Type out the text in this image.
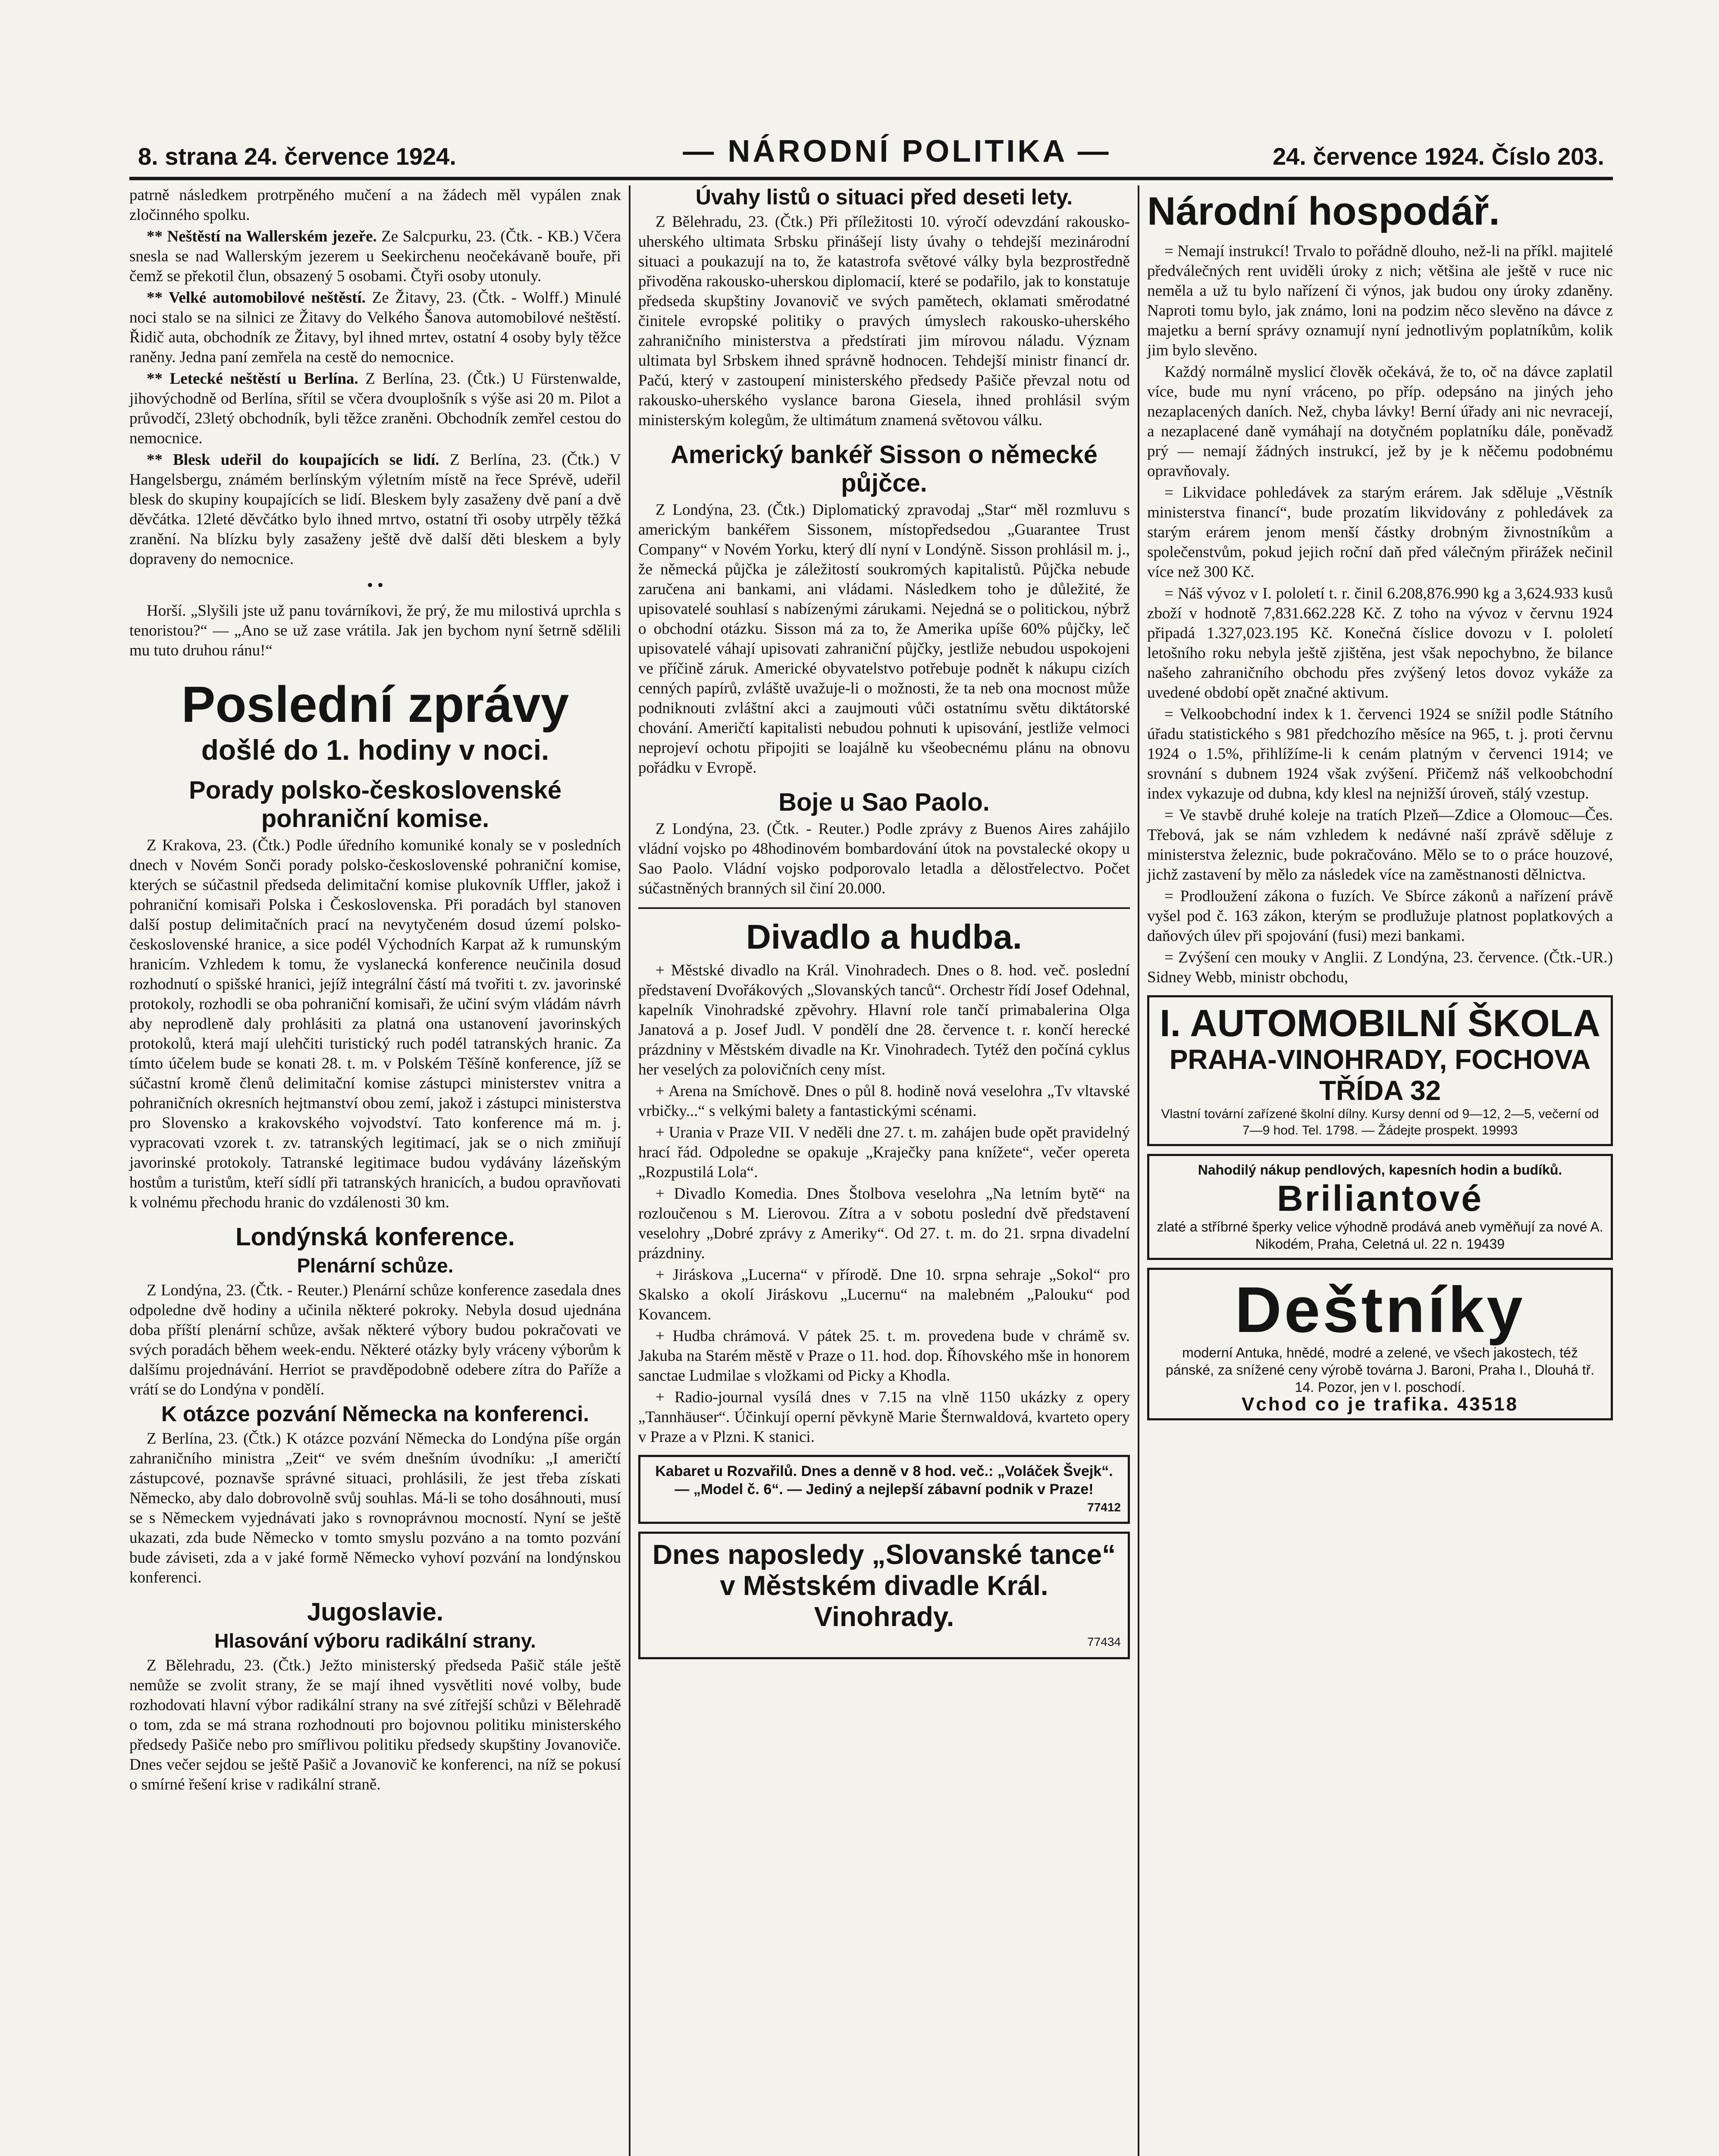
8. strana 24. července 1924.	— NÁRODNÍ POLITIKA —	24. července 1924. Číslo 203.

patrně následkem protrpěného mučení a na žádech měl vypálen znak zločinného spolku.

** Neštěstí na Wallerském jezeře. Ze Salcpurku, 23. (Čtk. - KB.) Včera snesla se nad Wallerským jezerem u Seekirchenu neočekávaně bouře, při čemž se překotil člun, obsazený 5 osobami. Čtyři osoby utonuly.

** Velké automobilové neštěstí. Ze Žitavy, 23. (Čtk. - Wolff.) Minulé noci stalo se na silnici ze Žitavy do Velkého Šanova automobilové neštěstí. Řidič auta, obchodník ze Žitavy, byl ihned mrtev, ostatní 4 osoby byly těžce raněny. Jedna paní zemřela na cestě do nemocnice.

** Letecké neštěstí u Berlína. Z Berlína, 23. (Čtk.) U Fürstenwalde, jihovýchodně od Berlína, sřítil se včera dvouplošník s výše asi 20 m. Pilot a průvodčí, 23letý obchodník, byli těžce zraněni. Obchodník zemřel cestou do nemocnice.

** Blesk udeřil do koupajících se lidí. Z Berlína, 23. (Čtk.) V Hangelsbergu, známém berlínským výletním místě na řece Sprévě, udeřil blesk do skupiny koupajících se lidí. Bleskem byly zasaženy dvě paní a dvě děvčátka. 12leté děvčátko bylo ihned mrtvo, ostatní tři osoby utrpěly těžká zranění. Na blízku byly zasaženy ještě dvě další děti bleskem a byly dopraveny do nemocnice.

• •

Horší. „Slyšili jste už panu továrníkovi, že prý, že mu milostivá uprchla s tenoristou?“ — „Ano se už zase vrátila. Jak jen bychom nyní šetrně sdělili mu tuto druhou ránu!“

Poslední zprávy
došlé do 1. hodiny v noci.
Porady polsko-československé pohraniční komise.

Z Krakova, 23. (Čtk.) Podle úředního komuniké konaly se v posledních dnech v Novém Sonči porady polsko-československé pohraniční komise, kterých se súčastnil předseda delimitační komise plukovník Uffler, jakož i pohraniční komisaři Polska i Československa. Při poradách byl stanoven další postup delimitačních prací na nevytyčeném dosud území polsko-československé hranice, a sice podél Východních Karpat až k rumunským hranicím. Vzhledem k tomu, že vyslanecká konference neučinila dosud rozhodnutí o spišské hranici, jejíž integrální částí má tvořiti t. zv. javorinské protokoly, rozhodli se oba pohraniční komisaři, že učiní svým vládám návrh aby neprodleně daly prohlásiti za platná ona ustanovení javorinských protokolů, která mají ulehčiti turistický ruch podél tatranských hranic. Za tímto účelem bude se konati 28. t. m. v Polském Těšíně konference, jíž se súčastní kromě členů delimitační komise zástupci ministerstev vnitra a pohraničních okresních hejtmanství obou zemí, jakož i zástupci ministerstva pro Slovensko a krakovského vojvodství. Tato konference má m. j. vypracovati vzorek t. zv. tatranských legitimací, jak se o nich zmiňují javorinské protokoly. Tatranské legitimace budou vydávány lázeňským hostům a turistům, kteří sídlí při tatranských hranicích, a budou opravňovati k volnému přechodu hranic do vzdálenosti 30 km.

Londýnská konference.
Plenární schůze.

Z Londýna, 23. (Čtk. - Reuter.) Plenární schůze konference zasedala dnes odpoledne dvě hodiny a učinila některé pokroky. Nebyla dosud ujednána doba příští plenární schůze, avšak některé výbory budou pokračovati ve svých poradách během week-endu. Některé otázky byly vráceny výborům k dalšímu projednávání. Herriot se pravděpodobně odebere zítra do Paříže a vrátí se do Londýna v pondělí.

K otázce pozvání Německa na konferenci.

Z Berlína, 23. (Čtk.) K otázce pozvání Německa do Londýna píše orgán zahraničního ministra „Zeit“ ve svém dnešním úvodníku: „I američtí zástupcové, poznavše správné situaci, prohlásili, že jest třeba získati Německo, aby dalo dobrovolně svůj souhlas. Má-li se toho dosáhnouti, musí se s Německem vyjednávati jako s rovnoprávnou mocností. Nyní se ještě ukazati, zda bude Německo v tomto smyslu pozváno a na tomto pozvání bude záviseti, zda a v jaké formě Německo vyhoví pozvání na londýnskou konferenci.

Jugoslavie.
Hlasování výboru radikální strany.

Z Bělehradu, 23. (Čtk.) Ježto ministerský předseda Pašič stále ještě nemůže se zvolit strany, že se mají ihned vysvětliti nové volby, bude rozhodovati hlavní výbor radikální strany na své zítřejší schůzi v Bělehradě o tom, zda se má strana rozhodnouti pro bojovnou politiku ministerského předsedy Pašiče nebo pro smířlivou politiku předsedy skupštiny Jovanoviče. Dnes večer sejdou se ještě Pašič a Jovanovič ke konferenci, na níž se pokusí o smírné řešení krise v radikální straně.

Úvahy listů o situaci před deseti lety.

Z Bělehradu, 23. (Čtk.) Při příležitosti 10. výročí odevzdání rakousko-uherského ultimata Srbsku přinášejí listy úvahy o tehdejší mezinárodní situaci a poukazují na to, že katastrofa světové války byla bezprostředně přivoděna rakousko-uherskou diplomacií, které se podařilo, jak to konstatuje předseda skupštiny Jovanovič ve svých pamětech, oklamati směrodatné činitele evropské politiky o pravých úmyslech rakousko-uherského zahraničního ministerstva a předstírati jim mírovou náladu. Význam ultimata byl Srbskem ihned správně hodnocen. Tehdejší ministr financí dr. Pačú, který v zastoupení ministerského předsedy Pašiče převzal notu od rakousko-uherského vyslance barona Giesela, ihned prohlásil svým ministerským kolegům, že ultimátum znamená světovou válku.

Americký bankéř Sisson o německé půjčce.

Z Londýna, 23. (Čtk.) Diplomatický zpravodaj „Star“ měl rozmluvu s americkým bankéřem Sissonem, místopředsedou „Guarantee Trust Company“ v Novém Yorku, který dlí nyní v Londýně. Sisson prohlásil m. j., že německá půjčka je záležitostí soukromých kapitalistů. Půjčka nebude zaručena ani bankami, ani vládami. Následkem toho je důležité, že upisovatelé souhlasí s nabízenými zárukami. Nejedná se o politickou, nýbrž o obchodní otázku. Sisson má za to, že Amerika upíše 60% půjčky, leč upisovatelé váhají upisovati zahraniční půjčky, jestliže nebudou uspokojeni ve příčině záruk. Americké obyvatelstvo potřebuje podnět k nákupu cizích cenných papírů, zvláště uvažuje-li o možnosti, že ta neb ona mocnost může podniknouti zvláštní akci a zaujmouti vůči ostatnímu světu diktátorské chování. Američtí kapitalisti nebudou pohnuti k upisování, jestliže velmoci neprojeví ochotu připojiti se loajálně ku všeobecnému plánu na obnovu pořádku v Evropě.

Boje u Sao Paolo.

Z Londýna, 23. (Čtk. - Reuter.) Podle zprávy z Buenos Aires zahájilo vládní vojsko po 48hodinovém bombardování útok na povstalecké okopy u Sao Paolo. Vládní vojsko podporovalo letadla a dělostřelectvo. Počet súčastněných branných sil činí 20.000.

Divadlo a hudba.

+ Městské divadlo na Král. Vinohradech. Dnes o 8. hod. več. poslední představení Dvořákových „Slovanských tanců“. Orchestr řídí Josef Odehnal, kapelník Vinohradské zpěvohry. Hlavní role tančí primabalerina Olga Janatová a p. Josef Judl. V pondělí dne 28. července t. r. končí herecké prázdniny v Městském divadle na Kr. Vinohradech. Tytéž den počíná cyklus her veselých za polovičních ceny míst.

+ Arena na Smíchově. Dnes o půl 8. hodině nová veselohra „Tv vltavské vrbičky...“ s velkými balety a fantastickými scénami.

+ Urania v Praze VII. V neděli dne 27. t. m. zahájen bude opět pravidelný hrací řád. Odpoledne se opakuje „Kraječky pana knížete“, večer opereta „Rozpustilá Lola“.

+ Divadlo Komedia. Dnes Štolbova veselohra „Na letním bytě“ na rozloučenou s M. Lierovou. Zítra a v sobotu poslední dvě představení veselohry „Dobré zprávy z Ameriky“. Od 27. t. m. do 21. srpna divadelní prázdniny.

+ Jiráskova „Lucerna“ v přírodě. Dne 10. srpna sehraje „Sokol“ pro Skalsko a okolí Jiráskovu „Lucernu“ na malebném „Palouku“ pod Kovancem.

+ Hudba chrámová. V pátek 25. t. m. provedena bude v chrámě sv. Jakuba na Starém městě v Praze o 11. hod. dop. Říhovského mše in honorem sanctae Ludmilae s vložkami od Picky a Khodla.

+ Radio-journal vysílá dnes v 7.15 na vlně 1150 ukázky z opery „Tannhäuser“. Účinkují operní pěvkyně Marie Šternwaldová, kvarteto opery v Praze a v Plzni. K stanici.

Kabaret u Rozvařilů. Dnes a denně v 8 hod. več.: „Voláček Švejk“. — „Model č. 6“. — Jediný a nejlepší zábavní podnik v Praze!
77412
Dnes naposledy „Slovanské tance“ v Městském divadle Král. Vinohrady.
77434
Národní hospodář.

= Nemají instrukcí! Trvalo to pořádně dlouho, než-li na příkl. majitelé předválečných rent uviděli úroky z nich; většina ale ještě v ruce nic neměla a už tu bylo nařízení či výnos, jak budou ony úroky zdaněny. Naproti tomu bylo, jak známo, loni na podzim něco slevěno na dávce z majetku a berní správy oznamují nyní jednotlivým poplatníkům, kolik jim bylo slevěno.

Každý normálně myslicí člověk očekává, že to, oč na dávce zaplatil více, bude mu nyní vráceno, po příp. odepsáno na jiných jeho nezaplacených daních. Než, chyba lávky! Berní úřady ani nic nevracejí, a nezaplacené daně vymáhají na dotyčném poplatníku dále, poněvadž prý — nemají žádných instrukcí, jež by je k něčemu podobnému opravňovaly.

= Likvidace pohledávek za starým erárem. Jak sděluje „Věstník ministerstva financí“, bude prozatím likvidovány z pohledávek za starým erárem jenom menší částky drobným živnostníkům a společenstvům, pokud jejich roční daň před válečným přirážek nečinil více než 300 Kč.

= Náš vývoz v I. pololetí t. r. činil 6.208,876.990 kg a 3,624.933 kusů zboží v hodnotě 7,831.662.228 Kč. Z toho na vývoz v červnu 1924 připadá 1.327,023.195 Kč. Konečná číslice dovozu v I. pololetí letošního roku nebyla ještě zjištěna, jest však nepochybno, že bilance našeho zahraničního obchodu přes zvýšený letos dovoz vykáže za uvedené období opět značné aktivum.

= Velkoobchodní index k 1. červenci 1924 se snížil podle Státního úřadu statistického s 981 předchozího měsíce na 965, t. j. proti červnu 1924 o 1.5%, přihlížíme-li k cenám platným v červenci 1914; ve srovnání s dubnem 1924 však zvýšení. Přičemž náš velkoobchodní index vykazuje od dubna, kdy klesl na nejnižší úroveň, stálý vzestup.

= Ve stavbě druhé koleje na tratích Plzeň—Zdice a Olomouc—Čes. Třebová, jak se nám vzhledem k nedávné naší zprávě sděluje z ministerstva železnic, bude pokračováno. Mělo se to o práce houzové, jichž zastavení by mělo za následek více na zaměstnanosti dělnictva.

= Prodloužení zákona o fuzích. Ve Sbírce zákonů a nařízení právě vyšel pod č. 163 zákon, kterým se prodlužuje platnost poplatkových a daňových úlev při spojování (fusi) mezi bankami.

= Zvýšení cen mouky v Anglii. Z Londýna, 23. července. (Čtk.-UR.) Sidney Webb, ministr obchodu,

I. AUTOMOBILNÍ ŠKOLA
PRAHA-VINOHRADY, FOCHOVA TŘÍDA 32
Vlastní tovární zařízené školní dílny. Kursy denní od 9—12, 2—5, večerní od 7—9 hod. Tel. 1798. — Žádejte prospekt. 19993
Nahodilý nákup pendlových, kapesních hodin a budíků.
Briliantové
zlaté a stříbrné šperky velice výhodně prodává aneb vyměňují za nové A. Nikodém, Praha, Celetná ul. 22 n. 19439
Deštníky
moderní Antuka, hnědé, modré a zelené, ve všech jakostech, též pánské, za snížené ceny výrobě továrna J. Baroni, Praha I., Dlouhá tř. 14. Pozor, jen v I. poschodí.
Vchod co je trafika. 43518
